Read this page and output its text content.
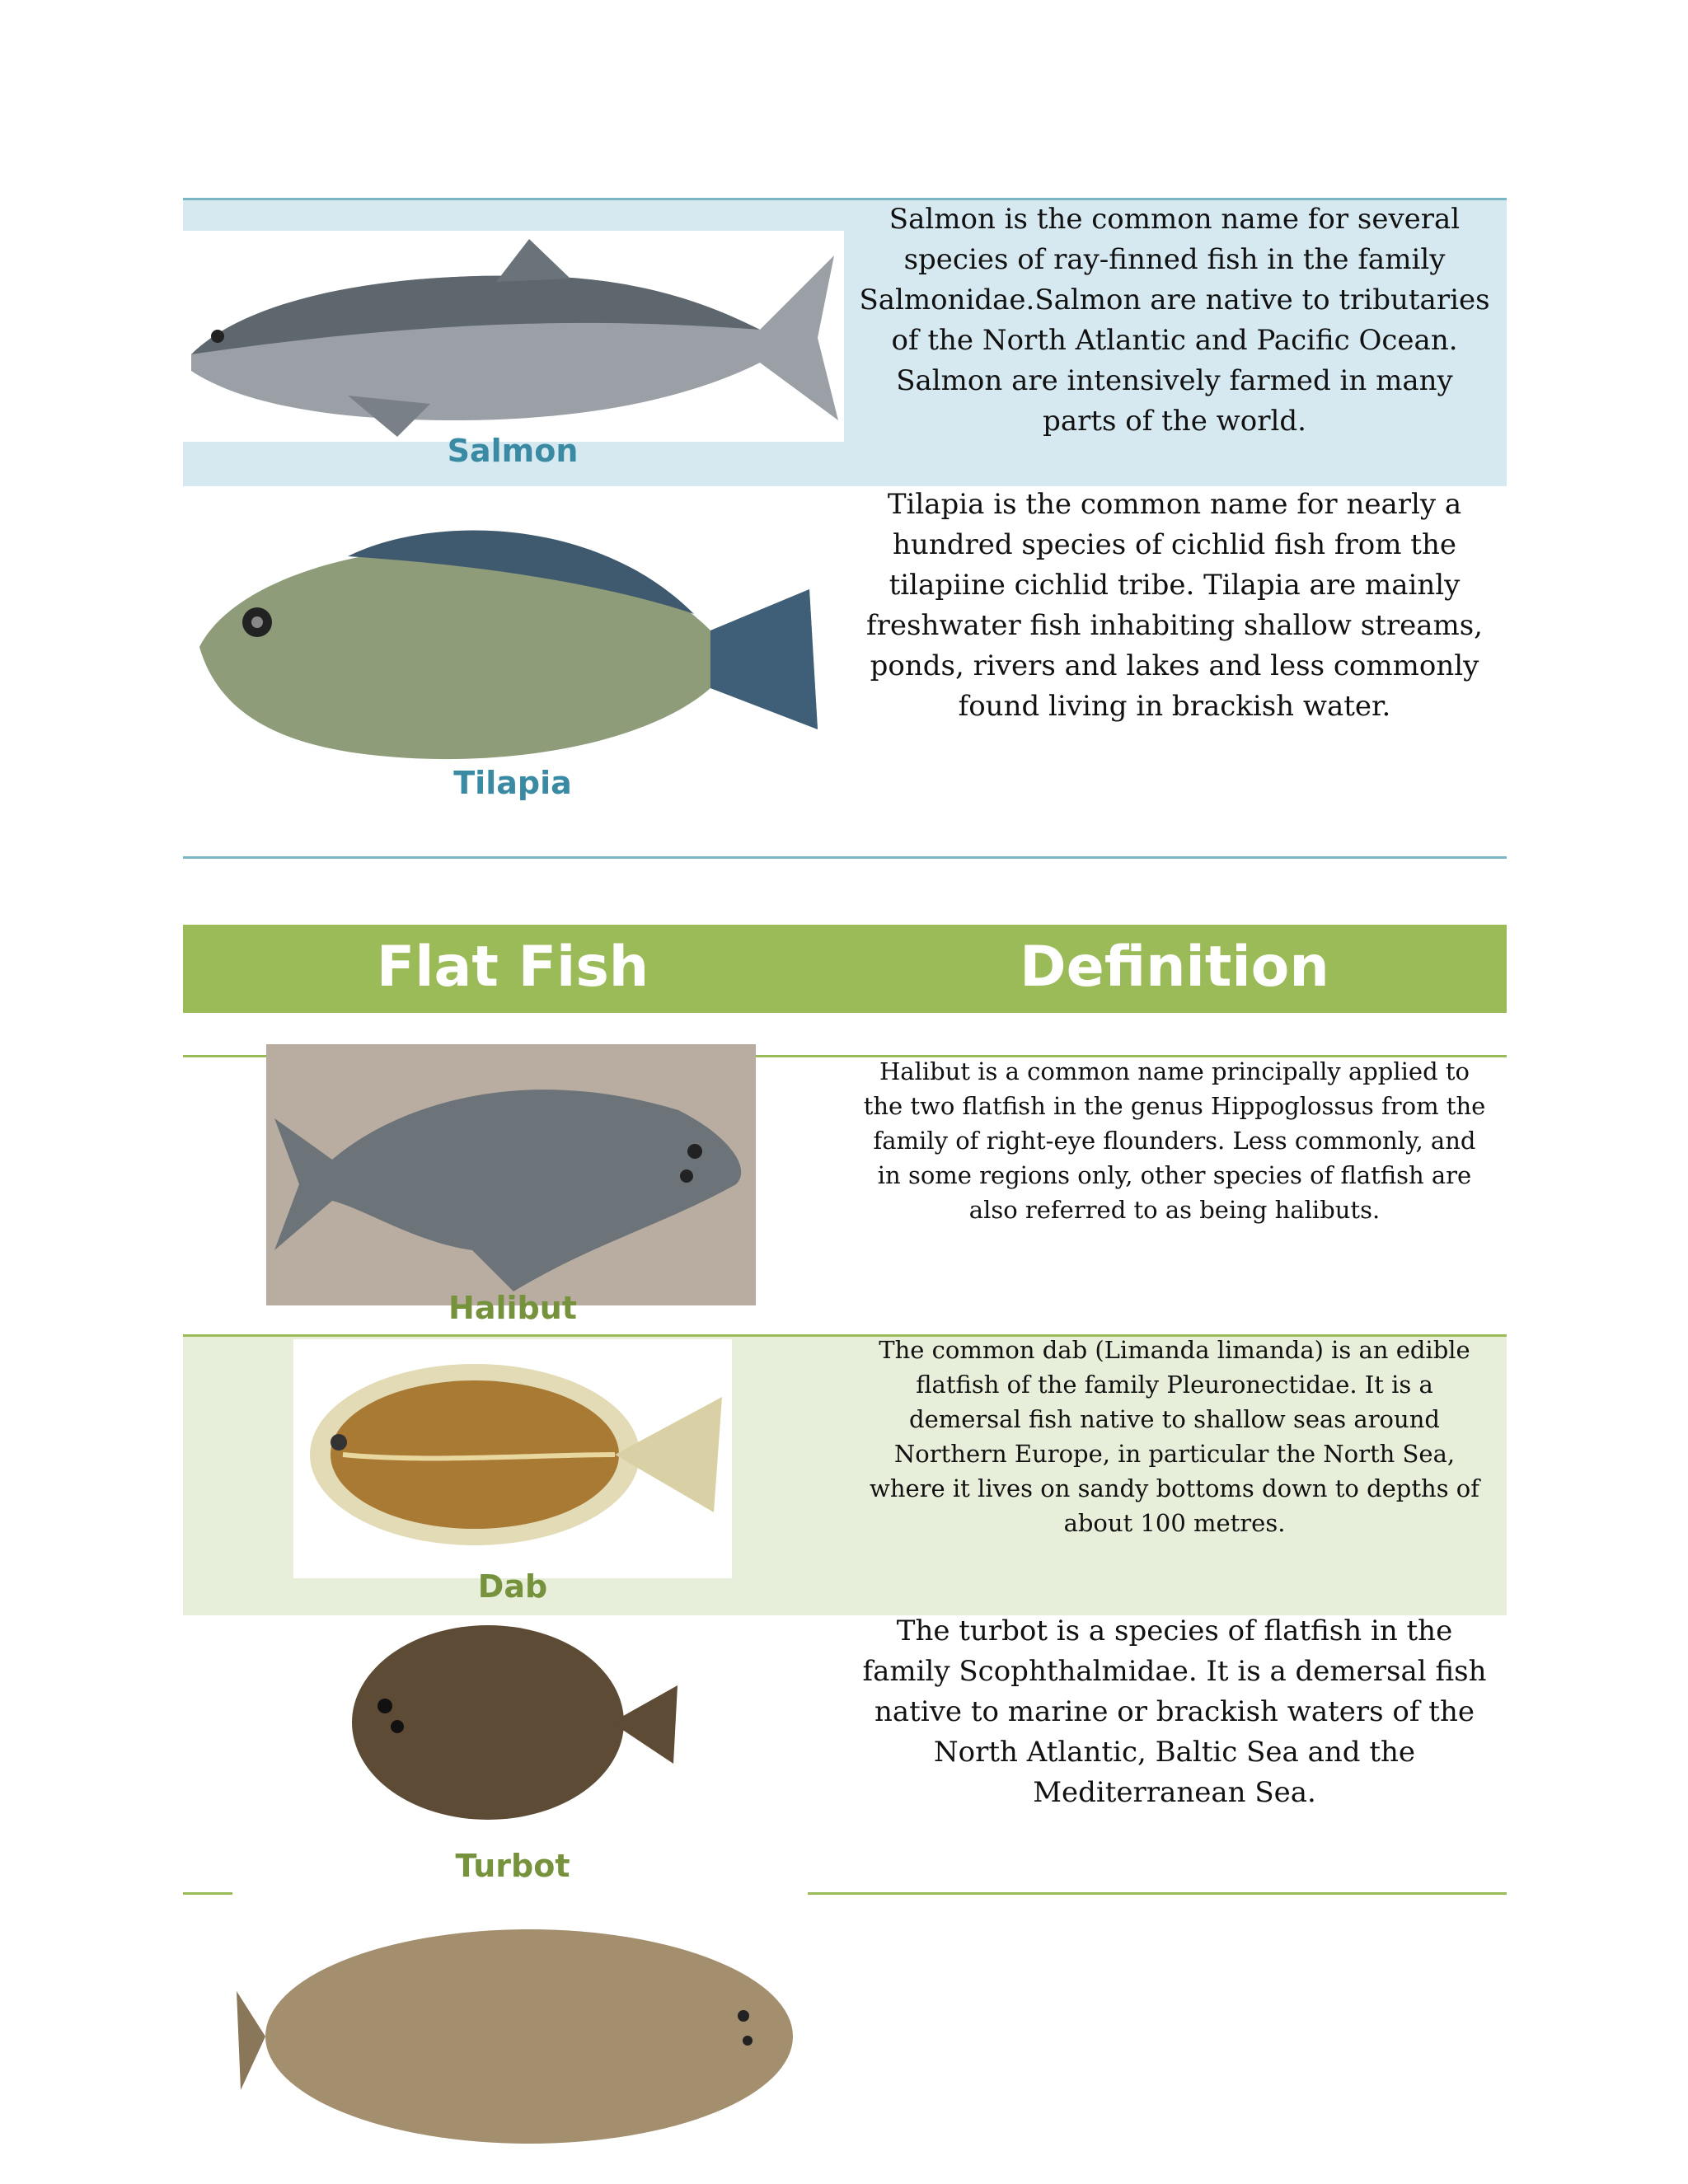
Salmon
Salmon is the common name for several species of ray-finned fish in the family Salmonidae.Salmon are native to tributaries of the North Atlantic and Pacific Ocean. Salmon are intensively farmed in many parts of the world.
Tilapia
Tilapia is the common name for nearly a hundred species of cichlid fish from the tilapiine cichlid tribe. Tilapia are mainly freshwater fish inhabiting shallow streams, ponds, rivers and lakes and less commonly found living in brackish water.
Flat Fish	Definition
Halibut
Halibut is a common name principally applied to the two flatfish in the genus Hippoglossus from the family of right-eye flounders. Less commonly, and in some regions only, other species of flatfish are also referred to as being halibuts.
Dab
The common dab (Limanda limanda) is an edible flatfish of the family Pleuronectidae. It is a demersal fish native to shallow seas around Northern Europe, in particular the North Sea, where it lives on sandy bottoms down to depths of about 100 metres.
Turbot
The turbot is a species of flatfish in the family Scophthalmidae. It is a demersal fish native to marine or brackish waters of the North Atlantic, Baltic Sea and the Mediterranean Sea.
